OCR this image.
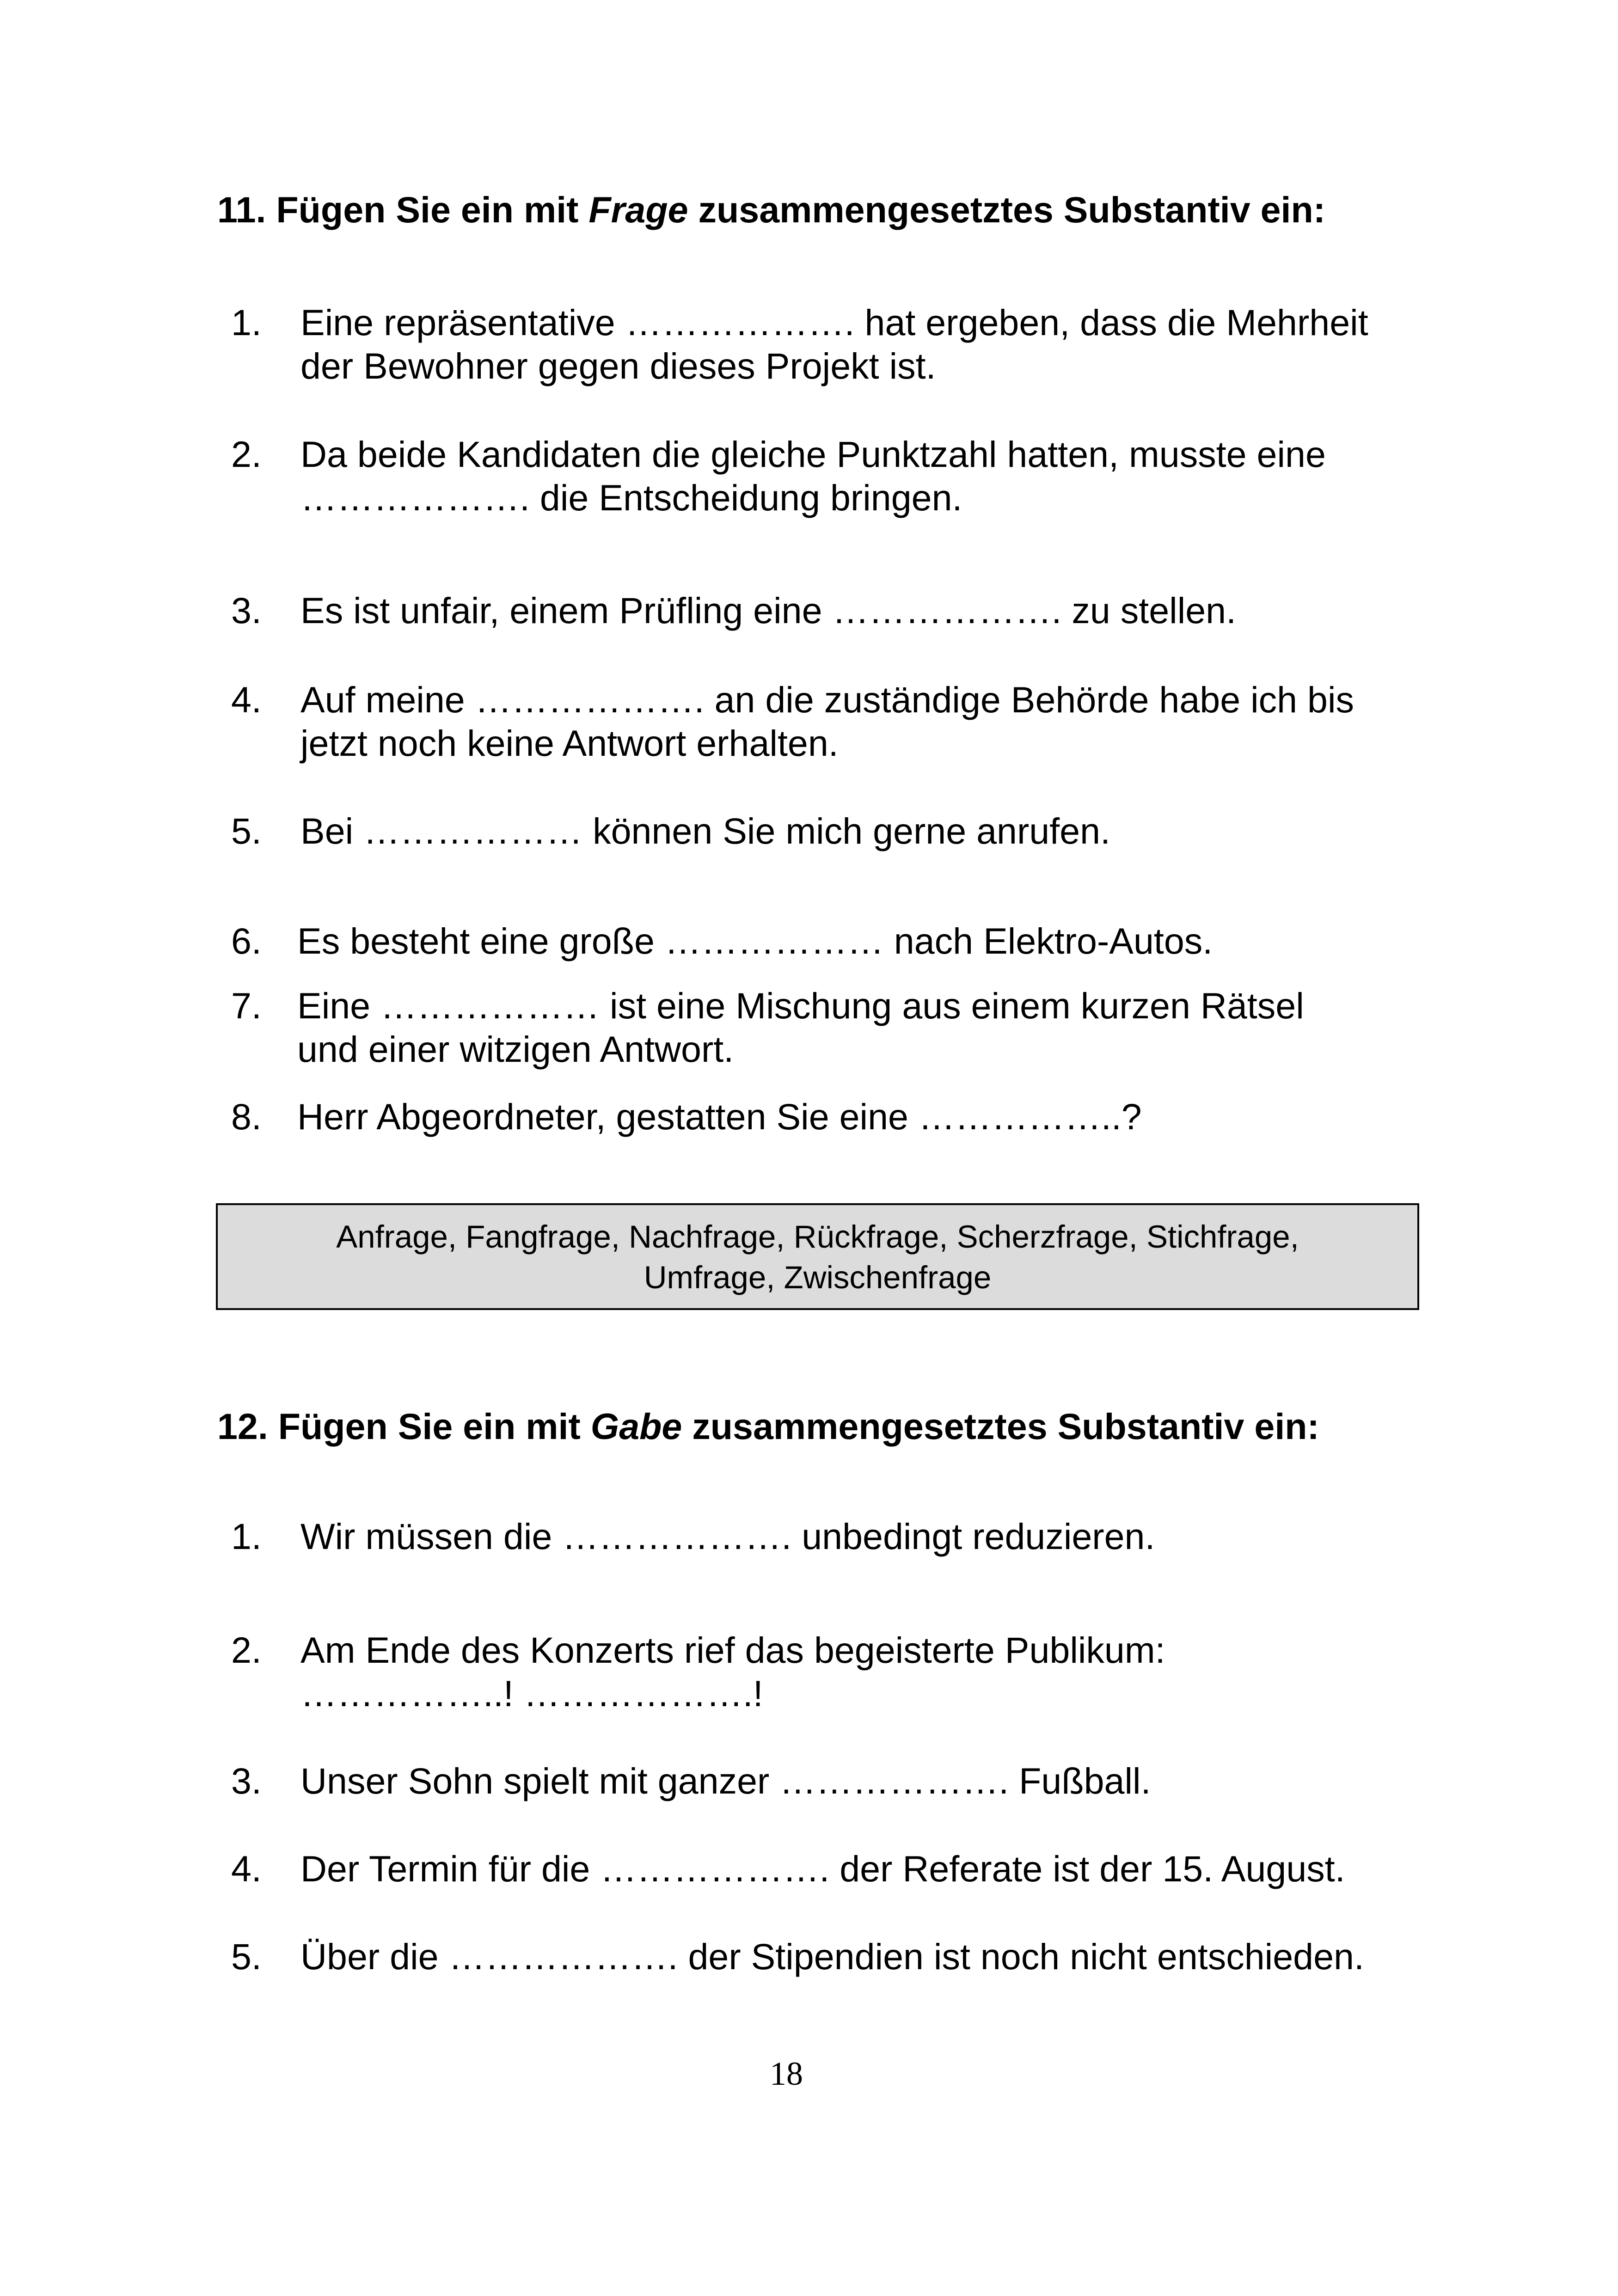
11. Fügen Sie ein mit Frage zusammengesetztes Substantiv ein:
1. Eine repräsentative ………………. hat ergeben, dass die Mehrheit
der Bewohner gegen dieses Projekt ist.
2. Da beide Kandidaten die gleiche Punktzahl hatten, musste eine
………………. die Entscheidung bringen.
3. Es ist unfair, einem Prüfling eine ………………. zu stellen.
4. Auf meine ………………. an die zuständige Behörde habe ich bis
jetzt noch keine Antwort erhalten.
5. Bei ……………… können Sie mich gerne anrufen.
6. Es besteht eine große ……………… nach Elektro-Autos.
7. Eine ……………… ist eine Mischung aus einem kurzen Rätsel
und einer witzigen Antwort.
8. Herr Abgeordneter, gestatten Sie eine ……………..?
Anfrage, Fangfrage, Nachfrage, Rückfrage, Scherzfrage, Stichfrage,
Umfrage, Zwischenfrage
12. Fügen Sie ein mit Gabe zusammengesetztes Substantiv ein:
1. Wir müssen die ………………. unbedingt reduzieren.
2. Am Ende des Konzerts rief das begeisterte Publikum:
……………..! ……………….!
3. Unser Sohn spielt mit ganzer ………………. Fußball.
4. Der Termin für die ………………. der Referate ist der 15. August.
5. Über die ………………. der Stipendien ist noch nicht entschieden.
18
